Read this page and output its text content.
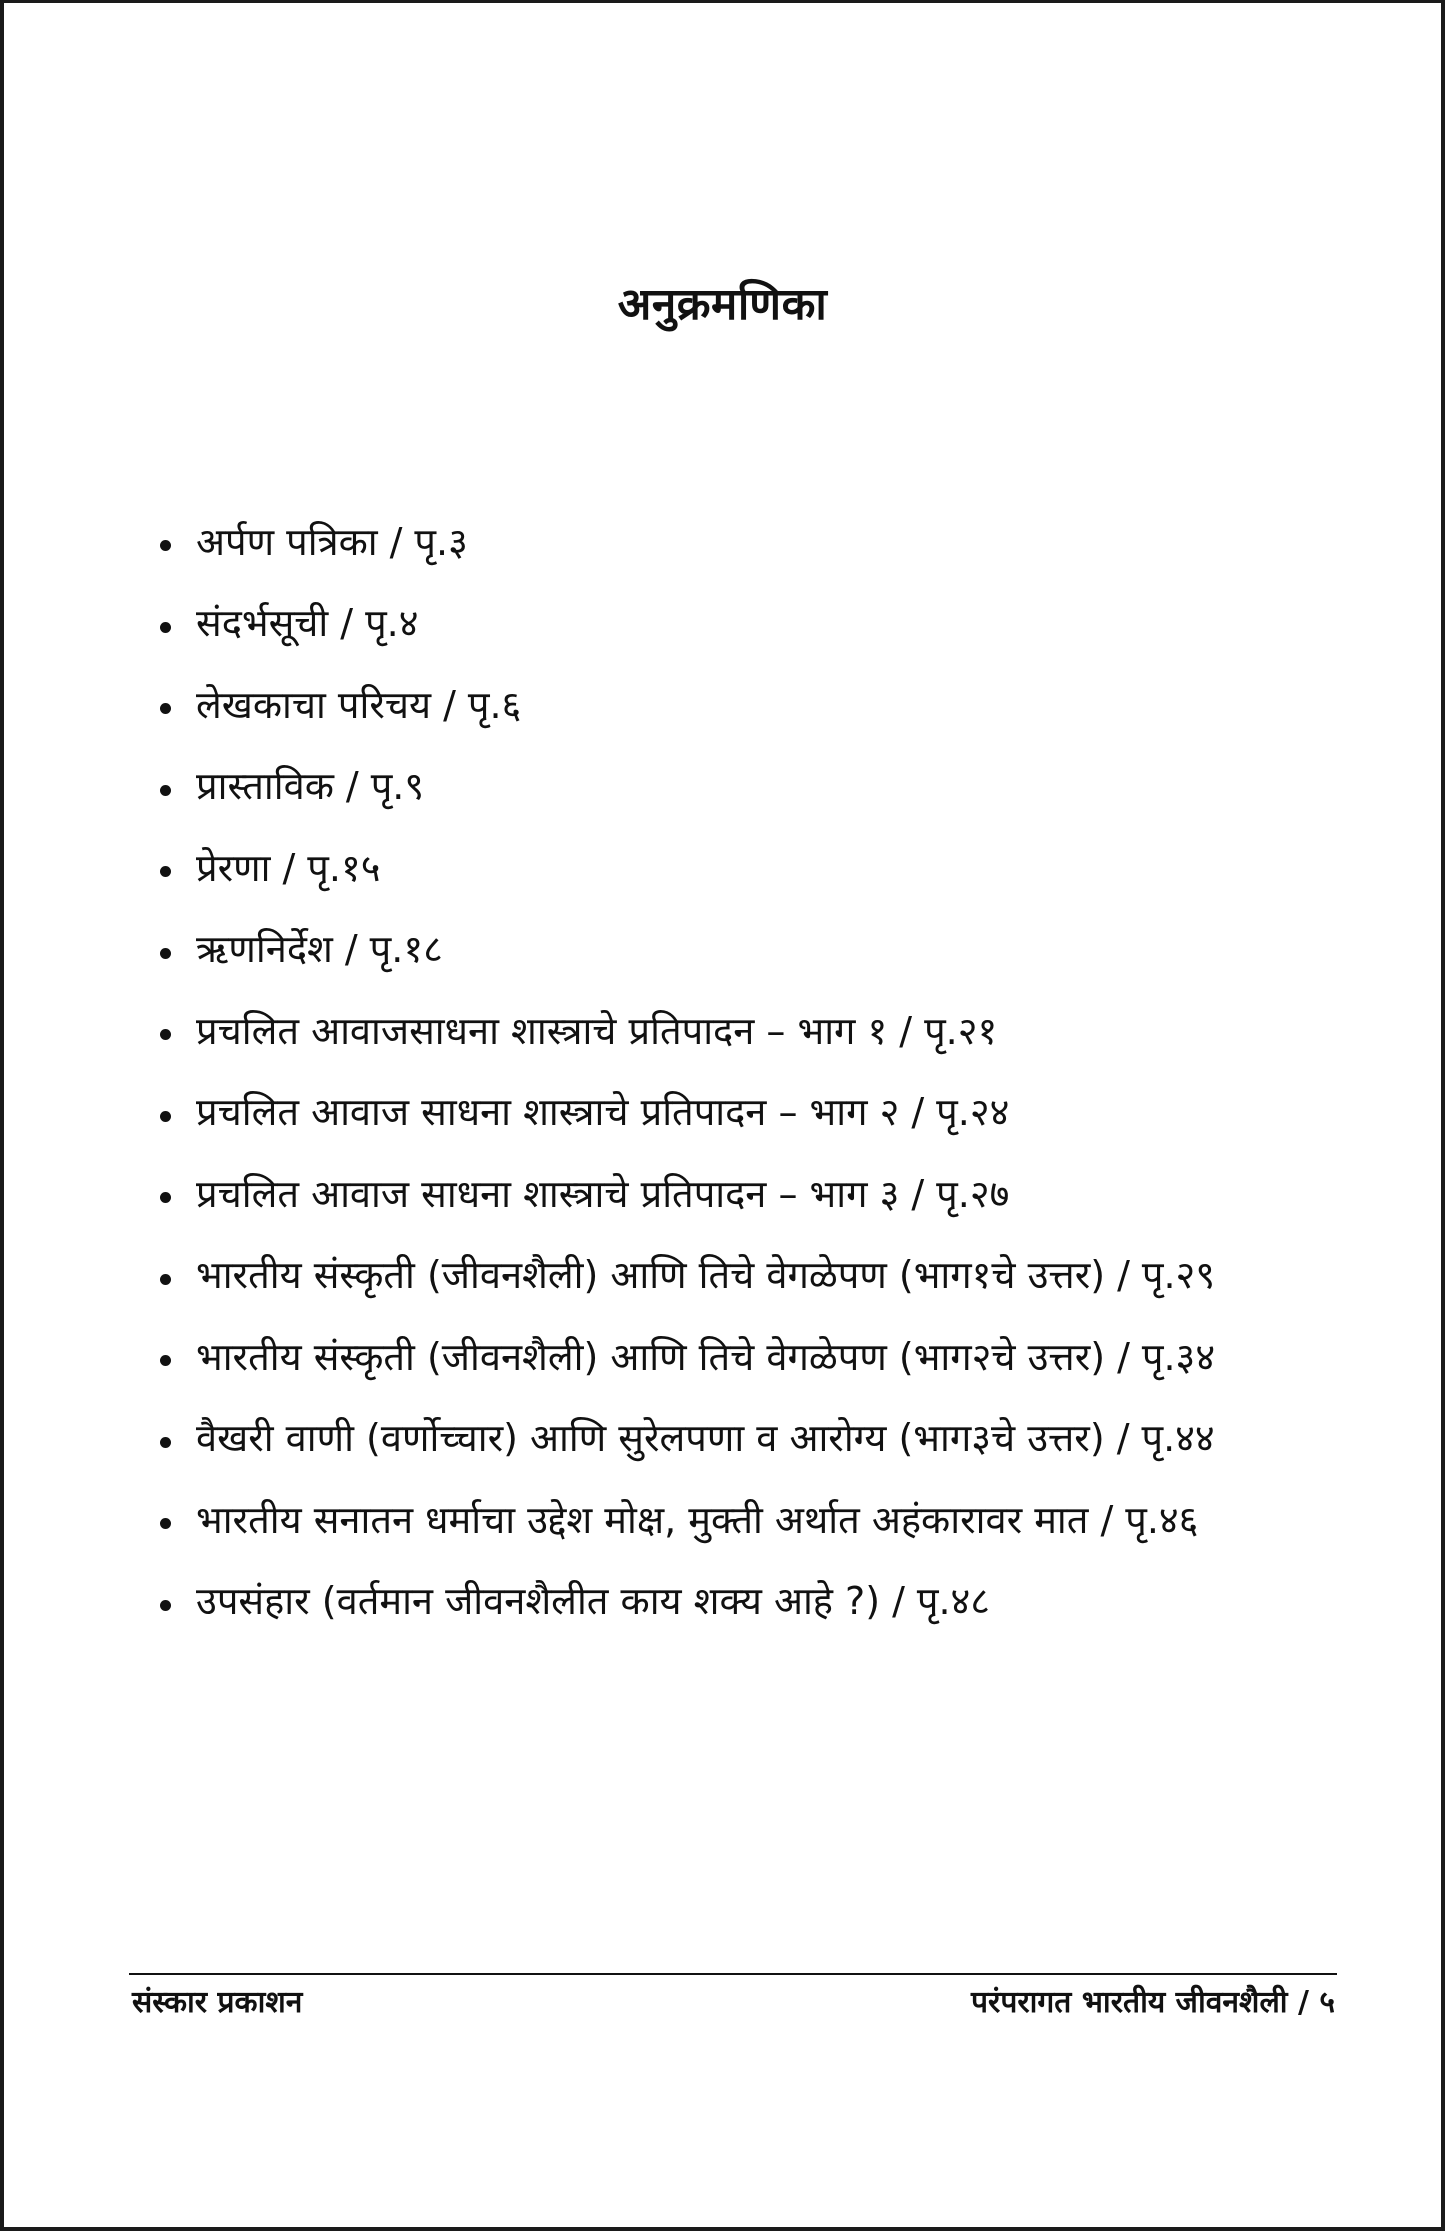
अनुक्रमणिका
अर्पण पत्रिका / पृ.३
संदर्भसूची / पृ.४
लेखकाचा परिचय / पृ.६
प्रास्ताविक / पृ.९
प्रेरणा / पृ.१५
ऋणनिर्देश / पृ.१८
प्रचलित आवाजसाधना शास्त्राचे प्रतिपादन – भाग १ / पृ.२१
प्रचलित आवाज साधना शास्त्राचे प्रतिपादन – भाग २ / पृ.२४
प्रचलित आवाज साधना शास्त्राचे प्रतिपादन – भाग ३ / पृ.२७
भारतीय संस्कृती (जीवनशैली) आणि तिचे वेगळेपण (भाग१चे उत्तर) / पृ.२९
भारतीय संस्कृती (जीवनशैली) आणि तिचे वेगळेपण (भाग२चे उत्तर) / पृ.३४
वैखरी वाणी (वर्णोच्चार) आणि सुरेलपणा व आरोग्य (भाग३चे उत्तर) / पृ.४४
भारतीय सनातन धर्माचा उद्देश मोक्ष, मुक्ती अर्थात अहंकारावर मात / पृ.४६
उपसंहार (वर्तमान जीवनशैलीत काय शक्य आहे ?) / पृ.४८
संस्कार प्रकाशन	परंपरागत भारतीय जीवनशैली / ५
